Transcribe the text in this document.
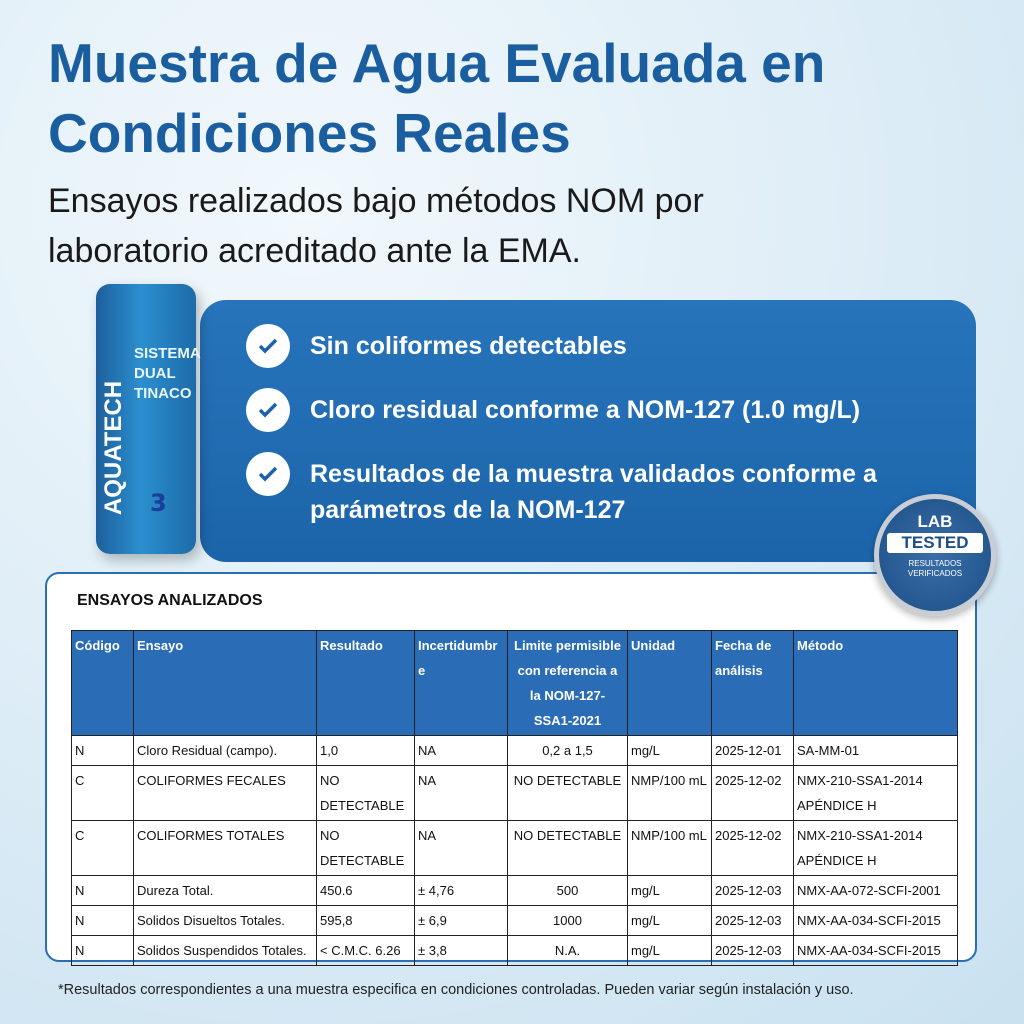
Muestra de Agua Evaluada en
Condiciones Reales
Ensayos realizados bajo métodos NOM por
laboratorio acreditado ante la EMA.
Sin coliformes detectables
Cloro residual conforme a NOM-127 (1.0 mg/L)
Resultados de la muestra validados conforme a parámetros de la NOM-127
AQUATECH
SISTEMA
DUAL
TINACO
3
ENSAYOS ANALIZADOS
Código	Ensayo	Resultado	Incertidumbre	Limite permisible con referencia a la NOM-127-SSA1-2021	Unidad	Fecha de análisis	Método
N	Cloro Residual (campo).	1,0	NA	0,2 a 1,5	mg/L	2025-12-01	SA-MM-01
C	COLIFORMES FECALES	NO DETECTABLE	NA	NO DETECTABLE	NMP/100 mL	2025-12-02	NMX-210-SSA1-2014 APÉNDICE H
C	COLIFORMES TOTALES	NO DETECTABLE	NA	NO DETECTABLE	NMP/100 mL	2025-12-02	NMX-210-SSA1-2014 APÉNDICE H
N	Dureza Total.	450.6	± 4,76	500	mg/L	2025-12-03	NMX-AA-072-SCFI-2001
N	Solidos Disueltos Totales.	595,8	± 6,9	1000	mg/L	2025-12-03	NMX-AA-034-SCFI-2015
N	Solidos Suspendidos Totales.	< C.M.C. 6.26	± 3,8	N.A.	mg/L	2025-12-03	NMX-AA-034-SCFI-2015
LAB
TESTED
RESULTADOS
VERIFICADOS
*Resultados correspondientes a una muestra especifica en condiciones controladas. Pueden variar según instalación y uso.
